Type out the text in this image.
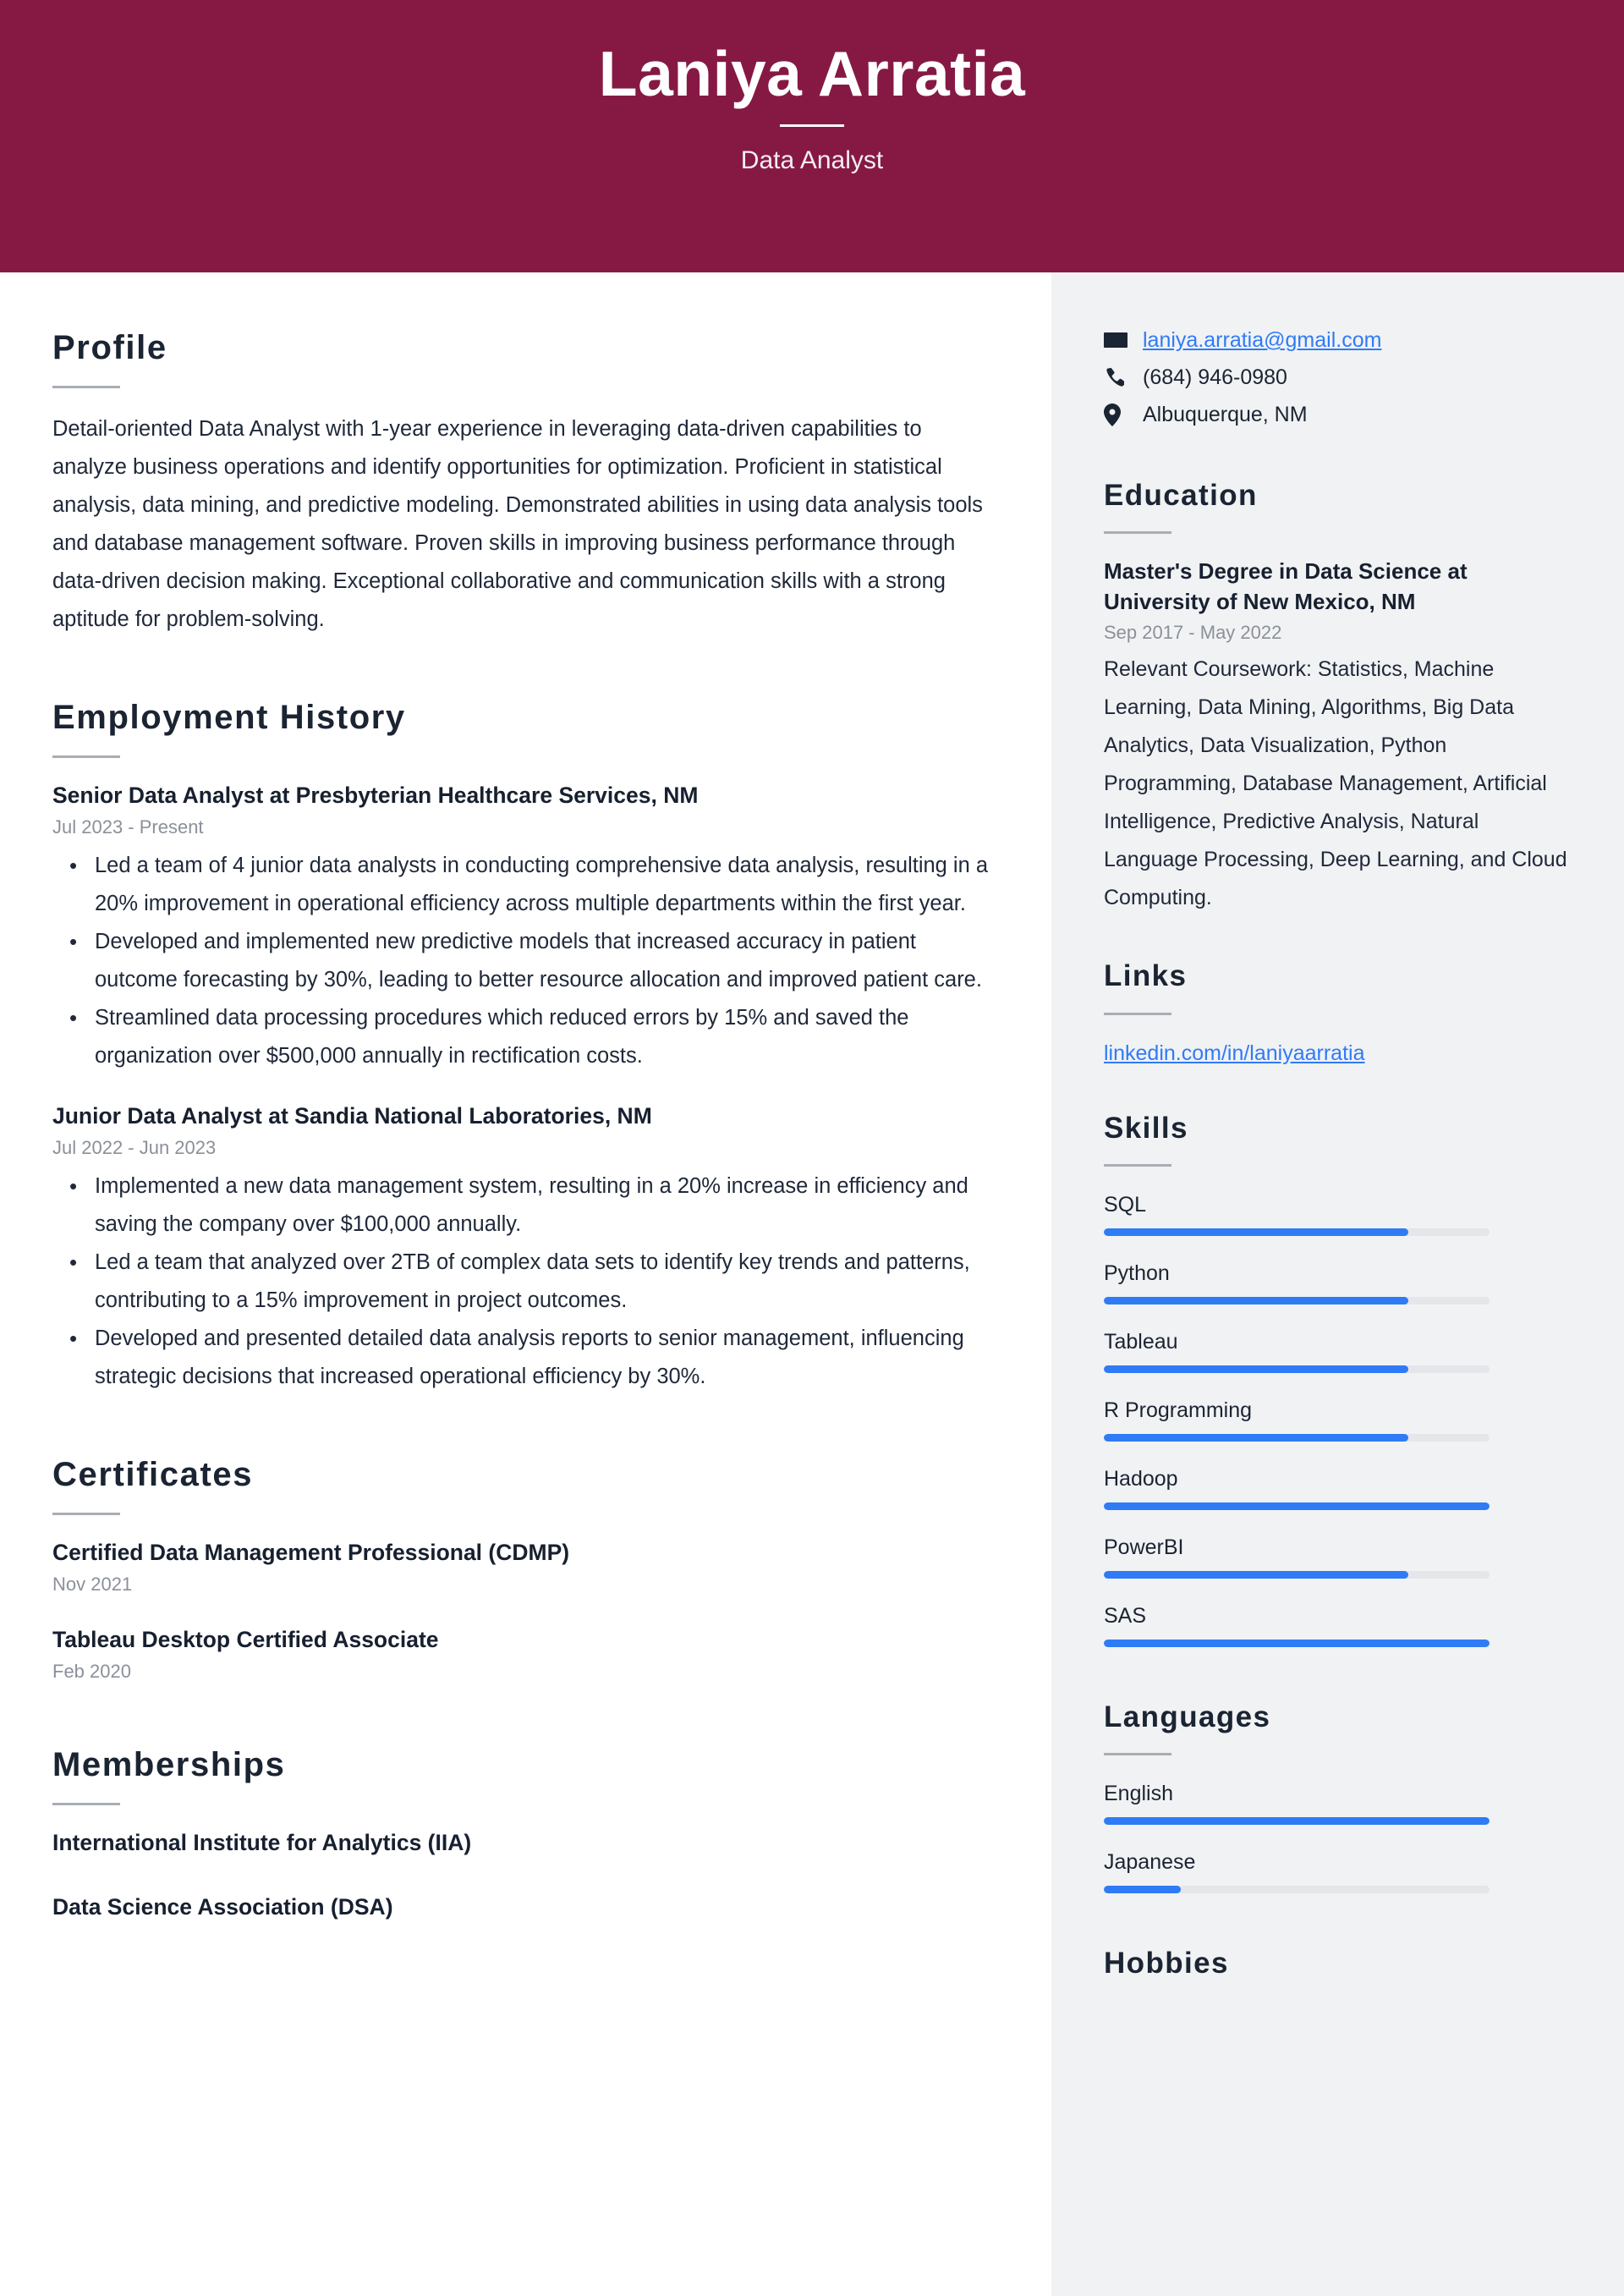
Laniya Arratia
Data Analyst
Profile

Detail-oriented Data Analyst with 1-year experience in leveraging data-driven capabilities to analyze business operations and identify opportunities for optimization. Proficient in statistical analysis, data mining, and predictive modeling. Demonstrated abilities in using data analysis tools and database management software. Proven skills in improving business performance through data-driven decision making. Exceptional collaborative and communication skills with a strong aptitude for problem-solving.

Employment History
Senior Data Analyst at Presbyterian Healthcare Services, NM
Jul 2023 - Present
• Led a team of 4 junior data analysts in conducting comprehensive data analysis, resulting in a 20% improvement in operational efficiency across multiple departments within the first year.
• Developed and implemented new predictive models that increased accuracy in patient outcome forecasting by 30%, leading to better resource allocation and improved patient care.
• Streamlined data processing procedures which reduced errors by 15% and saved the organization over $500,000 annually in rectification costs.
Junior Data Analyst at Sandia National Laboratories, NM
Jul 2022 - Jun 2023
• Implemented a new data management system, resulting in a 20% increase in efficiency and saving the company over $100,000 annually.
• Led a team that analyzed over 2TB of complex data sets to identify key trends and patterns, contributing to a 15% improvement in project outcomes.
• Developed and presented detailed data analysis reports to senior management, influencing strategic decisions that increased operational efficiency by 30%.
Certificates
Certified Data Management Professional (CDMP)
Nov 2021
Tableau Desktop Certified Associate
Feb 2020
Memberships
International Institute for Analytics (IIA)
Data Science Association (DSA)
laniya.arratia@gmail.com
(684) 946-0980
Albuquerque, NM
Education
Master's Degree in Data Science at University of New Mexico, NM
Sep 2017 - May 2022
Relevant Coursework: Statistics, Machine Learning, Data Mining, Algorithms, Big Data Analytics, Data Visualization, Python Programming, Database Management, Artificial Intelligence, Predictive Analysis, Natural Language Processing, Deep Learning, and Cloud Computing.
Links
linkedin.com/in/laniyaarratia
Skills
SQL
Python
Tableau
R Programming
Hadoop
PowerBI
SAS
Languages
English
Japanese
Hobbies
